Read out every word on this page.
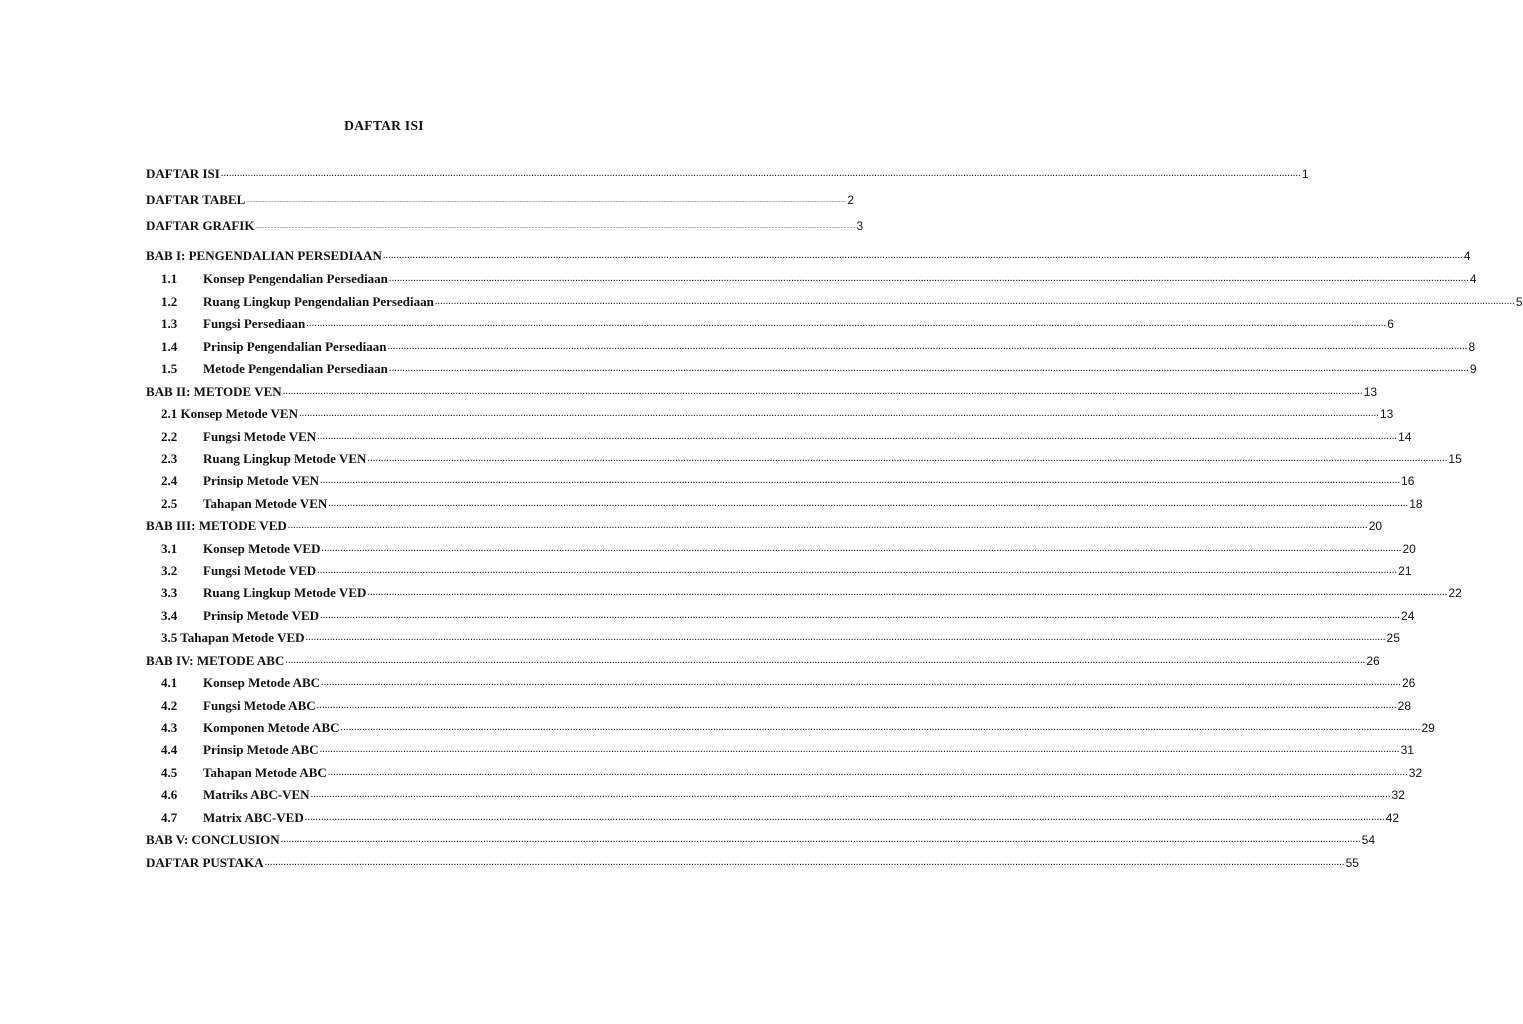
DAFTAR ISI
DAFTAR ISI ................................................................................................................................................................................................................................................................................................................................................................................................................ 1
DAFTAR TABEL ................................................................................................................................................................................................................................................................................................................................................................................................................ 2
DAFTAR GRAFIK ................................................................................................................................................................................................................................................................................................................................................................................................................ 3
BAB I: PENGENDALIAN PERSEDIAAN ................................................................................................................................................................................................................................................................................................................................................................................................................ 4
1.1	Konsep Pengendalian Persediaan ................................................................................................................................................................................................................................................................................................................................................................................................................ 4
1.2	Ruang Lingkup Pengendalian Persediaan ................................................................................................................................................................................................................................................................................................................................................................................................................ 5
1.3	Fungsi Persediaan ................................................................................................................................................................................................................................................................................................................................................................................................................ 6
1.4	Prinsip Pengendalian Persediaan ................................................................................................................................................................................................................................................................................................................................................................................................................ 8
1.5	Metode Pengendalian Persediaan ................................................................................................................................................................................................................................................................................................................................................................................................................ 9
BAB II: METODE VEN ................................................................................................................................................................................................................................................................................................................................................................................................................ 13
2.1 Konsep Metode VEN ................................................................................................................................................................................................................................................................................................................................................................................................................ 13
2.2	Fungsi Metode VEN ................................................................................................................................................................................................................................................................................................................................................................................................................ 14
2.3	Ruang Lingkup Metode VEN ................................................................................................................................................................................................................................................................................................................................................................................................................ 15
2.4	Prinsip Metode VEN ................................................................................................................................................................................................................................................................................................................................................................................................................ 16
2.5	Tahapan Metode VEN ................................................................................................................................................................................................................................................................................................................................................................................................................ 18
BAB III: METODE VED ................................................................................................................................................................................................................................................................................................................................................................................................................ 20
3.1	Konsep Metode VED ................................................................................................................................................................................................................................................................................................................................................................................................................ 20
3.2	Fungsi Metode VED ................................................................................................................................................................................................................................................................................................................................................................................................................ 21
3.3	Ruang Lingkup Metode VED ................................................................................................................................................................................................................................................................................................................................................................................................................ 22
3.4	Prinsip Metode VED ................................................................................................................................................................................................................................................................................................................................................................................................................ 24
3.5 Tahapan Metode VED ................................................................................................................................................................................................................................................................................................................................................................................................................ 25
BAB IV: METODE ABC ................................................................................................................................................................................................................................................................................................................................................................................................................ 26
4.1	Konsep Metode ABC ................................................................................................................................................................................................................................................................................................................................................................................................................ 26
4.2	Fungsi Metode ABC ................................................................................................................................................................................................................................................................................................................................................................................................................ 28
4.3	Komponen Metode ABC ................................................................................................................................................................................................................................................................................................................................................................................................................ 29
4.4	Prinsip Metode ABC ................................................................................................................................................................................................................................................................................................................................................................................................................ 31
4.5	Tahapan Metode ABC ................................................................................................................................................................................................................................................................................................................................................................................................................ 32
4.6	Matriks ABC-VEN ................................................................................................................................................................................................................................................................................................................................................................................................................ 32
4.7	Matrix ABC-VED ................................................................................................................................................................................................................................................................................................................................................................................................................ 42
BAB V: CONCLUSION ................................................................................................................................................................................................................................................................................................................................................................................................................ 54
DAFTAR PUSTAKA ................................................................................................................................................................................................................................................................................................................................................................................................................ 55
